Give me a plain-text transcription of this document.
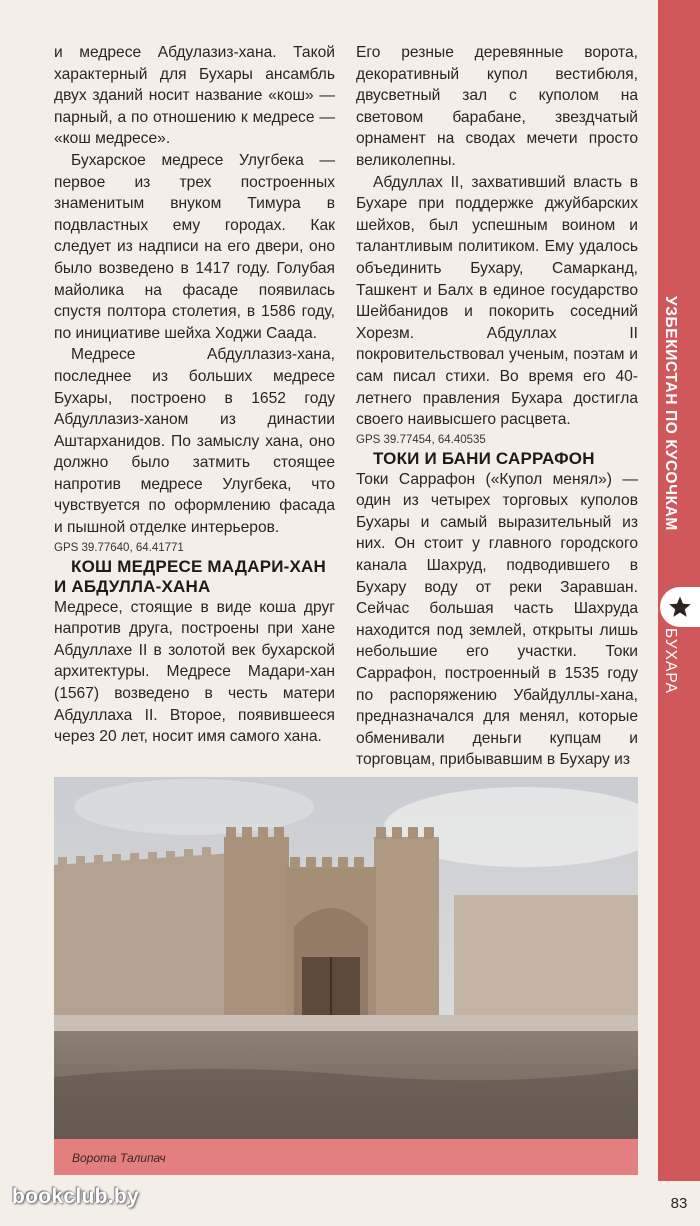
и медресе Абдулазиз-хана. Такой характерный для Бухары ансамбль двух зданий носит название «кош» — парный, а по отношению к медресе — «кош медресе».

Бухарское медресе Улугбека — первое из трех построенных знаменитым внуком Тимура в подвластных ему городах. Как следует из надписи на его двери, оно было возведено в 1417 году. Голубая майолика на фасаде появилась спустя полтора столетия, в 1586 году, по инициативе шейха Ходжи Саада.

Медресе Абдуллазиз-хана, последнее из больших медресе Бухары, построено в 1652 году Абдуллазиз-ханом из династии Аштарханидов. По замыслу хана, оно должно было затмить стоящее напротив медресе Улугбека, что чувствуется по оформлению фасада и пышной отделке интерьеров.

GPS 39.77640, 64.41771

КОШ МЕДРЕСЕ МАДАРИ-ХАН И АБДУЛЛА-ХАНА

Медресе, стоящие в виде коша друг напротив друга, построены при хане Абдуллахе II в золотой век бухарской архитектуры. Медресе Мадари-хан (1567) возведено в честь матери Абдуллаха II. Второе, появившееся через 20 лет, носит имя самого хана.

Его резные деревянные ворота, декоративный купол вестибюля, двусветный зал с куполом на световом барабане, звездчатый орнамент на сводах мечети просто великолепны.

Абдуллах II, захвативший власть в Бухаре при поддержке джуйбарских шейхов, был успешным воином и талантливым политиком. Ему удалось объединить Бухару, Самарканд, Ташкент и Балх в единое государство Шейбанидов и покорить соседний Хорезм. Абдуллах II покровительствовал ученым, поэтам и сам писал стихи. Во время его 40-летнего правления Бухара достигла своего наивысшего расцвета.

GPS 39.77454, 64.40535

ТОКИ И БАНИ САРРАФОН

Токи Саррафон («Купол менял») — один из четырех торговых куполов Бухары и самый выразительный из них. Он стоит у главного городского канала Шахруд, подводившего в Бухару воду от реки Заравшан. Сейчас большая часть Шахруда находится под землей, открыты лишь небольшие его участки. Токи Саррафон, построенный в 1535 году по распоряжению Убайдуллы-хана, предназначался для менял, которые обменивали деньги купцам и торговцам, прибывавшим в Бухару из

Ворота Талипач
bookclub.by
УЗБЕКИСТАН ПО КУСОЧКАМ
БУХАРА
83
